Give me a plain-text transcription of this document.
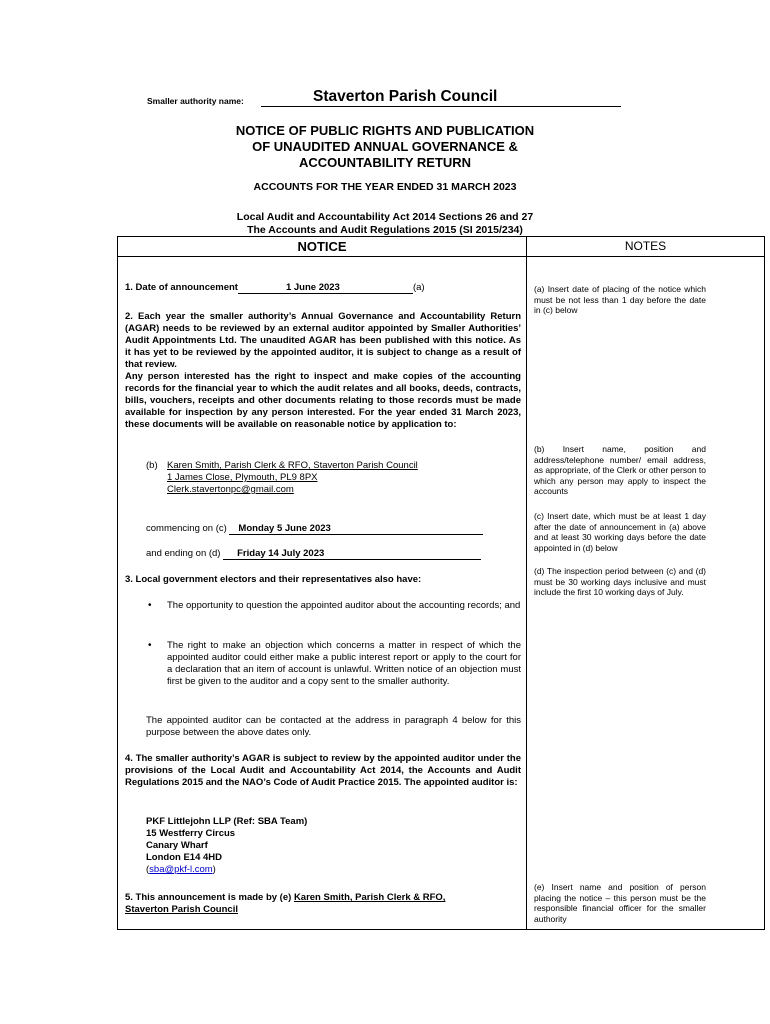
Smaller authority name:	Staverton Parish Council
NOTICE OF PUBLIC RIGHTS AND PUBLICATION
OF UNAUDITED ANNUAL GOVERNANCE &
ACCOUNTABILITY RETURN
ACCOUNTS FOR THE YEAR ENDED 31 MARCH 2023
Local Audit and Accountability Act 2014 Sections 26 and 27
The Accounts and Audit Regulations 2015 (SI 2015/234)
NOTICE	NOTES
1. Date of announcement	1 June 2023	(a)
2. Each year the smaller authority’s Annual Governance and Accountability Return (AGAR) needs to be reviewed by an external auditor appointed by Smaller Authorities’ Audit Appointments Ltd. The unaudited AGAR has been published with this notice. As it has yet to be reviewed by the appointed auditor, it is subject to change as a result of that review.
Any person interested has the right to inspect and make copies of the accounting records for the financial year to which the audit relates and all books, deeds, contracts, bills, vouchers, receipts and other documents relating to those records must be made available for inspection by any person interested. For the year ended 31 March 2023, these documents will be available on reasonable notice by application to:
(b) Karen Smith, Parish Clerk & RFO, Staverton Parish Council
1 James Close, Plymouth, PL9 8PX
Clerk.stavertonpc@gmail.com
commencing on (c) Monday 5 June 2023
and ending on (d) Friday 14 July 2023
3. Local government electors and their representatives also have:
• The opportunity to question the appointed auditor about the accounting records; and
• The right to make an objection which concerns a matter in respect of which the appointed auditor could either make a public interest report or apply to the court for a declaration that an item of account is unlawful. Written notice of an objection must first be given to the auditor and a copy sent to the smaller authority.
The appointed auditor can be contacted at the address in paragraph 4 below for this purpose between the above dates only.
4. The smaller authority’s AGAR is subject to review by the appointed auditor under the provisions of the Local Audit and Accountability Act 2014, the Accounts and Audit Regulations 2015 and the NAO’s Code of Audit Practice 2015. The appointed auditor is:
PKF Littlejohn LLP (Ref: SBA Team)
15 Westferry Circus
Canary Wharf
London E14 4HD
(sba@pkf-l.com)
5. This announcement is made by (e) Karen Smith, Parish Clerk & RFO,
Staverton Parish Council
(a) Insert date of placing of the notice which must be not less than 1 day before the date in (c) below
(b) Insert name, position and address/telephone number/ email address, as appropriate, of the Clerk or other person to which any person may apply to inspect the accounts
(c) Insert date, which must be at least 1 day after the date of announcement in (a) above and at least 30 working days before the date appointed in (d) below
(d) The inspection period between (c) and (d) must be 30 working days inclusive and must include the first 10 working days of July.
(e) Insert name and position of person placing the notice – this person must be the responsible financial officer for the smaller authority
